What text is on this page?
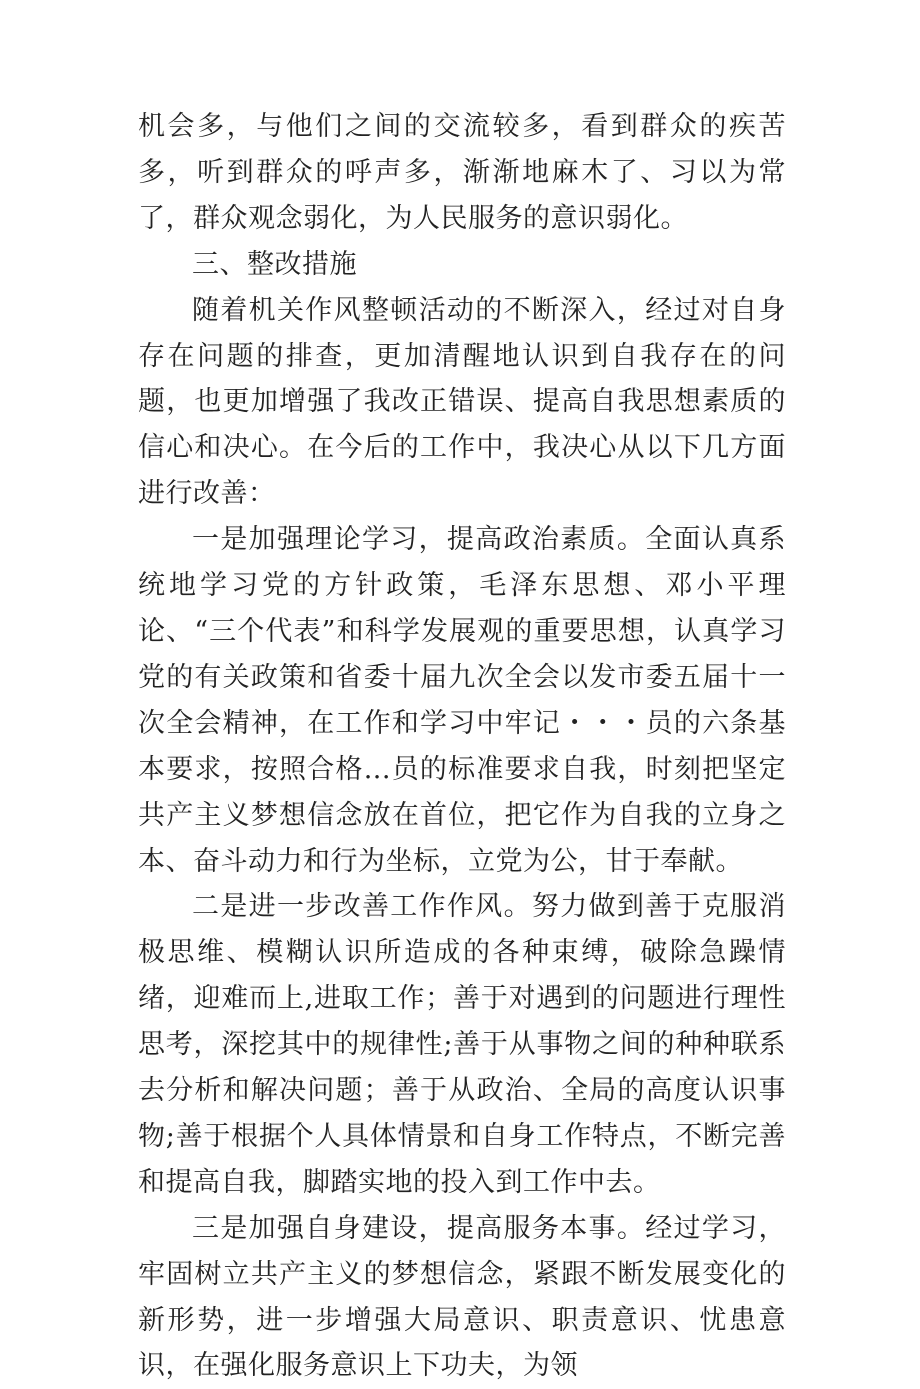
机会多，与他们之间的交流较多，看到群众的疾苦多，听到群众的呼声多，渐渐地麻木了、习以为常了，群众观念弱化，为人民服务的意识弱化。

三、整改措施

随着机关作风整顿活动的不断深入，经过对自身存在问题的排查，更加清醒地认识到自我存在的问题，也更加增强了我改正错误、提高自我思想素质的信心和决心。在今后的工作中，我决心从以下几方面进行改善：

一是加强理论学习，提高政治素质。全面认真系统地学习党的方针政策，毛泽东思想、邓小平理论、“三个代表”和科学发展观的重要思想，认真学习党的有关政策和省委十届九次全会以发市委五届十一次全会精神，在工作和学习中牢记・・・员的六条基本要求，按照合格...员的标准要求自我，时刻把坚定共产主义梦想信念放在首位，把它作为自我的立身之本、奋斗动力和行为坐标，立党为公，甘于奉献。

二是进一步改善工作作风。努力做到善于克服消极思维、模糊认识所造成的各种束缚，破除急躁情绪，迎难而上,进取工作；善于对遇到的问题进行理性思考，深挖其中的规律性;善于从事物之间的种种联系去分析和解决问题；善于从政治、全局的高度认识事物;善于根据个人具体情景和自身工作特点，不断完善和提高自我，脚踏实地的投入到工作中去。

三是加强自身建设，提高服务本事。经过学习，牢固树立共产主义的梦想信念，紧跟不断发展变化的新形势，进一步增强大局意识、职责意识、忧患意识，在强化服务意识上下功夫，为领
